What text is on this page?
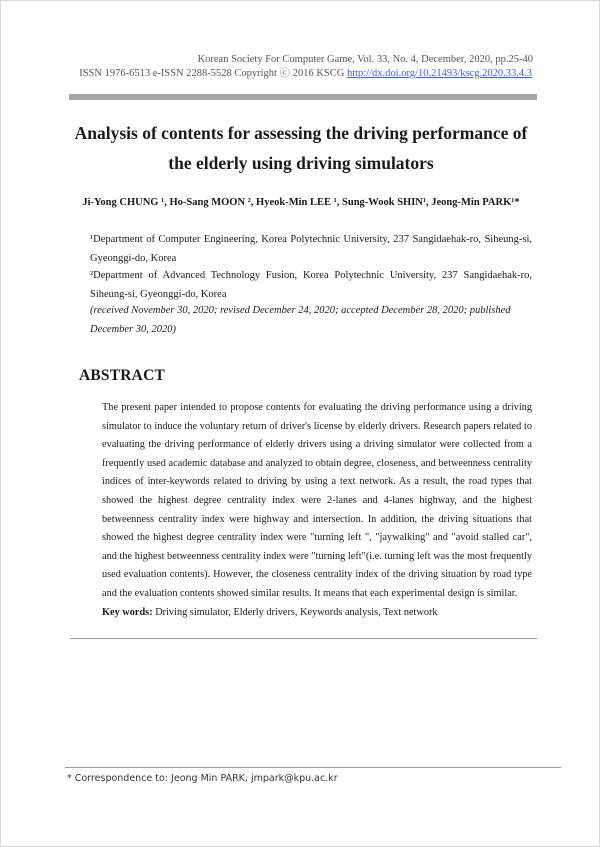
Korean Society For Computer Game, Vol. 33, No. 4, December, 2020, pp.25-40
ISSN 1976-6513 e-ISSN 2288-5528 Copyright ⓒ 2016 KSCG http://dx.doi.org/10.21493/kscg.2020.33.4.3
Analysis of contents for assessing the driving performance of
the elderly using driving simulators
Ji-Yong CHUNG ¹, Ho-Sang MOON ², Hyeok-Min LEE ¹, Sung-Wook SHIN¹, Jeong-Min PARK¹*
¹Department of Computer Engineering, Korea Polytechnic University, 237 Sangidaehak-ro, Siheung-si, Gyeonggi-do, Korea
²Department of Advanced Technology Fusion, Korea Polytechnic University, 237 Sangidaehak-ro, Siheung-si, Gyeonggi-do, Korea
(received November 30, 2020; revised December 24, 2020; accepted December 28, 2020; published December 30, 2020)
ABSTRACT
The present paper intended to propose contents for evaluating the driving performance using a driving simulator to induce the voluntary return of driver's license by elderly drivers. Research papers related to evaluating the driving performance of elderly drivers using a driving simulator were collected from a frequently used academic database and analyzed to obtain degree, closeness, and betweenness centrality indices of inter-keywords related to driving by using a text network. As a result, the road types that showed the highest degree centrality index were 2-lanes and 4-lanes highway, and the highest betweenness centrality index were highway and intersection. In addition, the driving situations that showed the highest degree centrality index were "turning left ", "jaywalking" and "avoid stalled car", and the highest betweenness centrality index were "turning left"(i.e. turning left was the most frequently used evaluation contents). However, the closeness centrality index of the driving situation by road type and the evaluation contents showed similar results. It means that each experimental design is similar.
Key words: Driving simulator, Elderly drivers, Keywords analysis, Text network
* Correspondence to: Jeong Min PARK, jmpark@kpu.ac.kr
